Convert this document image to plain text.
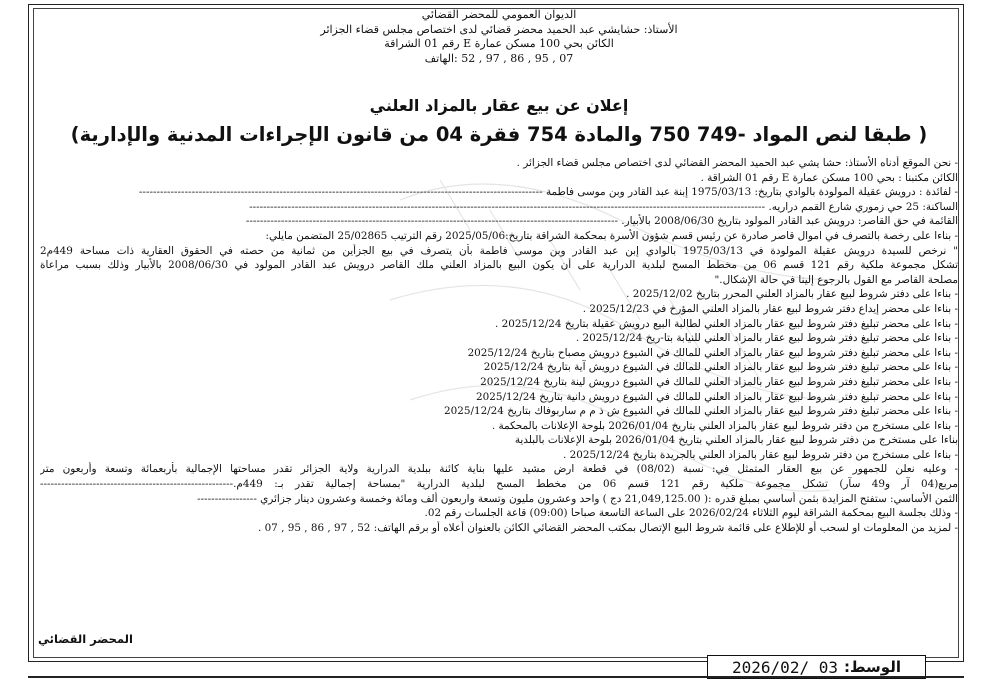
الديوان العمومي للمحضر القضائي
الأستاذ: حشايشي عبد الحميد محضر قضائي لدى اختصاص مجلس قضاء الجزائر
الكائن بحي 100 مسكن عمارة E رقم 01 الشراقة
07 , 95 , 86 , 97 , 52 :الهاتف
إعلان عن بيع عقار بالمزاد العلني
( طبقا لنص المواد -749 750 والمادة 754 فقرة 04 من قانون الإجراءات المدنية والإدارية)
- نحن الموقع أدناه الأستاذ: حشا يشي عبد الحميد المحضر القضائي لدى اختصاص مجلس قضاء الجزائر .
الكائن مكتبنا : بحي 100 مسكن عمارة E رقم 01 الشراقة .
- لفائدة : درويش عقيلة المولودة بالوادي بتاريخ: 1975/03/13 إبنة عبد القادر وبن موسى فاطمة -------------------------------------------------------------------------------------------------------------------
الساكنة: 25 حي زموري شارع القمم دراريه. ---------------------------------------------------------------------------------------------------------------------------------------------------
القائمة في حق القاصر: درويش عبد القادر المولود بتاريخ 2008/06/30 بالأبيار. ----------------------------------------------------------------------------------------------------------
- بناءا على رخصة بالتصرف في اموال قاصر صادرة عن رئيس قسم شؤون الأسرة بمحكمة الشراقة بتاريخ:2025/05/06 رقم الترتيب 25/02865 المتضمن مايلي:
" نرخص للسيدة درويش عقيلة المولودة في 1975/03/13 بالوادي إبن عبد القادر وبن موسى فاطمة بأن يتصرف في بيع الجزأين من ثمانية من حصته في الحقوق العقارية ذات مساحة 449م2
تشكل مجموعة ملكية رقم 121 قسم 06 من مخطط المسح لبلدية الدرارية على أن يكون البيع بالمزاد العلني ملك القاصر درويش عبد القادر المولود في 2008/06/30 بالأبيار وذلك بسبب مراعاة
مصلحة القاصر مع القول بالرجوع إلينا في حالة الإشكال."
- بناءا على دفتر شروط لبيع عقار بالمزاد العلني المحرر بتاريخ 2025/12/02 .
- بناءا على محضر إيداع دفتر شروط لبيع عقار بالمزاد العلني المؤرخ في 2025/12/23 .
- بناءا على محضر تبليغ دفتر شروط لبيع عقار بالمزاد العلني لطالبة البيع درويش عقيلة بتاريخ 2025/12/24 .
- بناءا على محضر تبليغ دفتر شروط لبيع عقار بالمزاد العلني للنيابة بتا-ريخ 2025/12/24 .
- بناءا على محضر تبليغ دفتر شروط لبيع عقار بالمزاد العلني للمالك في الشيوع درويش مصباح بتاريخ 2025/12/24
- بناءا على محضر تبليغ دفتر شروط لبيع عقار بالمزاد العلني للمالك في الشيوع درويش آية بتاريخ 2025/12/24
- بناءا على محضر تبليغ دفتر شروط لبيع عقار بالمزاد العلني للمالك في الشيوع درويش لينة بتاريخ 2025/12/24
- بناءا على محضر تبليغ دفتر شروط لبيع عقار بالمزاد العلني للمالك في الشيوع درويش دانية بتاريخ 2025/12/24
- بناءا على محضر تبليغ دفتر شروط لبيع عقار بالمزاد العلني للمالك في الشيوع ش ذ م م ساربوفاك بتاريخ 2025/12/24
- بناءا على مستخرج من دفتر شروط لبيع عقار بالمزاد العلني بتاريخ 2026/01/04 بلوحة الإعلانات بالمحكمة .
بناءا على مستخرج من دفتر شروط لبيع عقار بالمزاد العلني بتاريخ 2026/01/04 بلوحة الإعلانات بالبلدية
- بناءا على مستخرج من دفتر شروط لبيع عقار بالمزاد العلني بالجريدة بتاريخ 2025/12/24 .
- وعليه نعلن للجمهور عن بيع العقار المتمثل في: نسبة (08/02) في قطعة ارض مشيد عليها بناية كائنة ببلدية الدرارية ولاية الجزائر تقدر مساحتها الإجمالية بأربعمائة وتسعة وأربعون متر
مربع(04 آر و49 سآر) تشكل مجموعة ملكية رقم 121 قسم 06 من مخطط المسح لبلدية الدرارية "بمساحة إجمالية تقدر بـ: 449م.-------------------------------------------------------
الثمن الأساسي: ستفتح المزايدة بثمن أساسي بمبلغ قدره :( 21,049,125.00 دج ) واحد وعشرون مليون وتسعة واربعون ألف ومائة وخمسة وعشرون دينار جزائري -----------------
- وذلك بجلسة البيع بمحكمة الشراقة ليوم الثلاثاء 2026/02/24 على الساعة التاسعة صباحا (09:00) قاعة الجلسات رقم 02.
- لمزيد من المعلومات او لسحب أو للإطلاع على قائمة شروط البيع الإتصال بمكتب المحضر القضائي الكائن بالعنوان أعلاه أو برقم الهاتف: 52 , 97 , 86 , 95 , 07 .
المحضر القضائي
الوسط:
2026/02/ 03
